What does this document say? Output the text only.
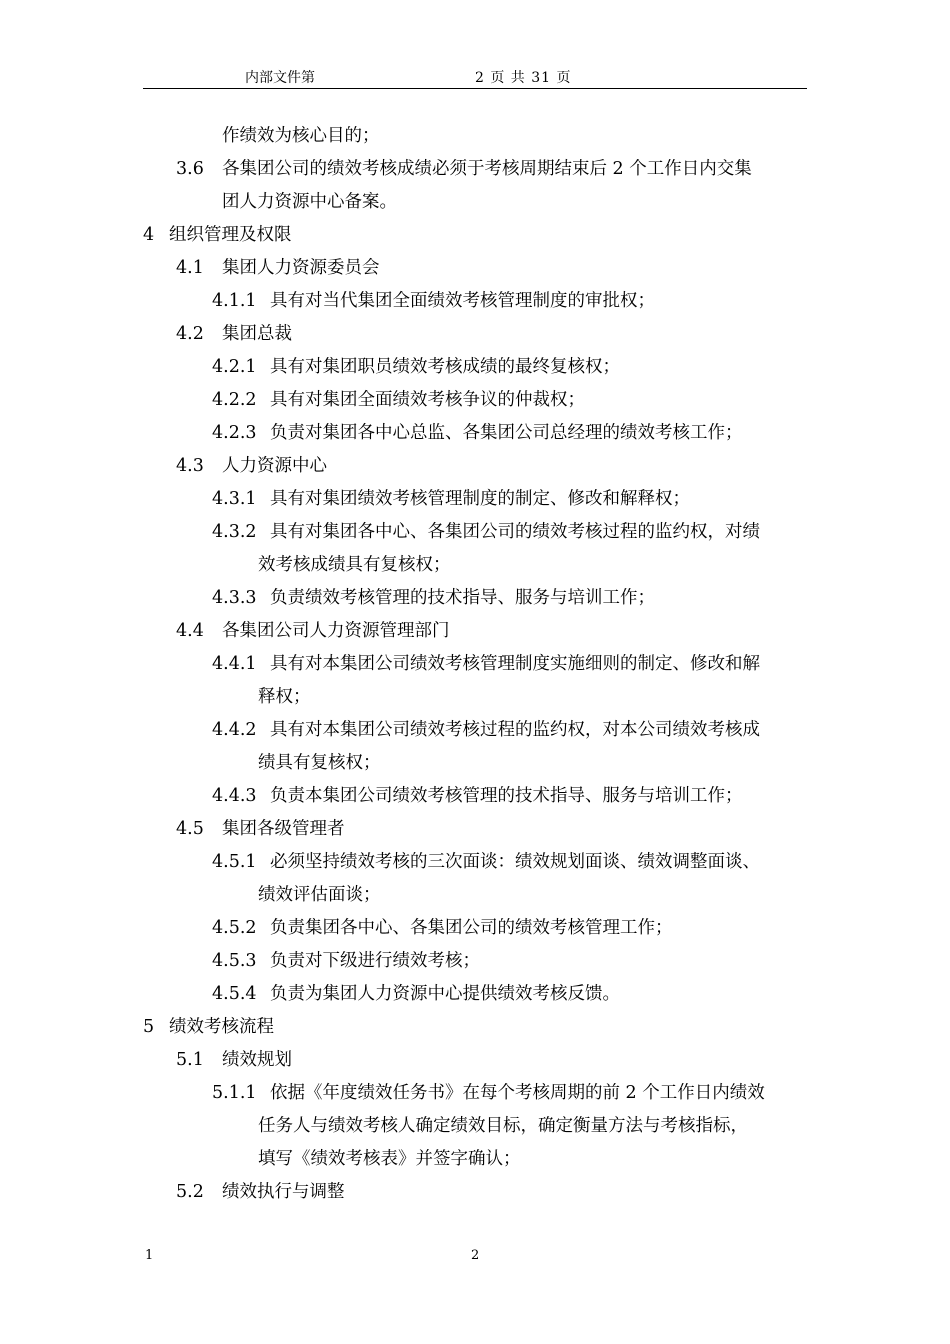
内部文件第	2 页 共 31 页
作绩效为核心目的；
3.6 各集团公司的绩效考核成绩必须于考核周期结束后 2 个工作日内交集
团人力资源中心备案。
4 组织管理及权限
4.1 集团人力资源委员会
4.1.1 具有对当代集团全面绩效考核管理制度的审批权；
4.2 集团总裁
4.2.1 具有对集团职员绩效考核成绩的最终复核权；
4.2.2 具有对集团全面绩效考核争议的仲裁权；
4.2.3 负责对集团各中心总监、各集团公司总经理的绩效考核工作；
4.3 人力资源中心
4.3.1 具有对集团绩效考核管理制度的制定、修改和解释权；
4.3.2 具有对集团各中心、各集团公司的绩效考核过程的监约权，对绩
效考核成绩具有复核权；
4.3.3 负责绩效考核管理的技术指导、服务与培训工作；
4.4 各集团公司人力资源管理部门
4.4.1 具有对本集团公司绩效考核管理制度实施细则的制定、修改和解
释权；
4.4.2 具有对本集团公司绩效考核过程的监约权，对本公司绩效考核成
绩具有复核权；
4.4.3 负责本集团公司绩效考核管理的技术指导、服务与培训工作；
4.5 集团各级管理者
4.5.1 必须坚持绩效考核的三次面谈：绩效规划面谈、绩效调整面谈、
绩效评估面谈；
4.5.2 负责集团各中心、各集团公司的绩效考核管理工作；
4.5.3 负责对下级进行绩效考核；
4.5.4 负责为集团人力资源中心提供绩效考核反馈。
5 绩效考核流程
5.1 绩效规划
5.1.1 依据《年度绩效任务书》在每个考核周期的前 2 个工作日内绩效
任务人与绩效考核人确定绩效目标，确定衡量方法与考核指标，
填写《绩效考核表》并签字确认；
5.2 绩效执行与调整
1	2
